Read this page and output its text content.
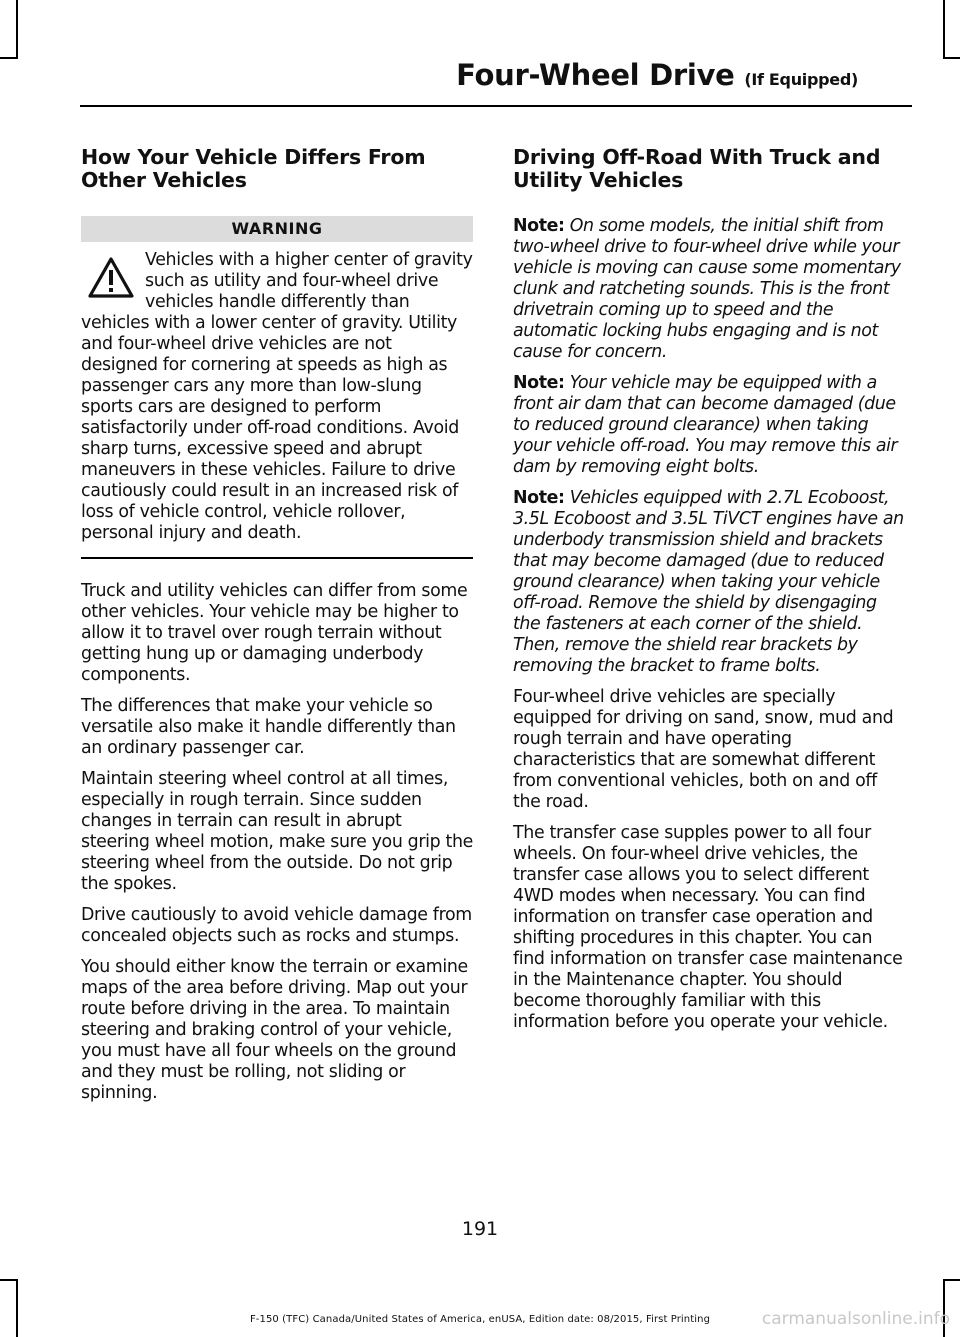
Four-Wheel Drive (If Equipped)
How Your Vehicle Differs From Other Vehicles
WARNING
Vehicles with a higher center of gravity such as utility and four-wheel drive vehicles handle differently than vehicles with a lower center of gravity. Utility and four-wheel drive vehicles are not designed for cornering at speeds as high as passenger cars any more than low-slung sports cars are designed to perform satisfactorily under off-road conditions. Avoid sharp turns, excessive speed and abrupt maneuvers in these vehicles. Failure to drive cautiously could result in an increased risk of loss of vehicle control, vehicle rollover, personal injury and death.

Truck and utility vehicles can differ from some other vehicles. Your vehicle may be higher to allow it to travel over rough terrain without getting hung up or damaging underbody components.

The differences that make your vehicle so versatile also make it handle differently than an ordinary passenger car.

Maintain steering wheel control at all times, especially in rough terrain. Since sudden changes in terrain can result in abrupt steering wheel motion, make sure you grip the steering wheel from the outside. Do not grip the spokes.

Drive cautiously to avoid vehicle damage from concealed objects such as rocks and stumps.

You should either know the terrain or examine maps of the area before driving. Map out your route before driving in the area. To maintain steering and braking control of your vehicle, you must have all four wheels on the ground and they must be rolling, not sliding or spinning.

Driving Off-Road With Truck and Utility Vehicles

Note: On some models, the initial shift from two-wheel drive to four-wheel drive while your vehicle is moving can cause some momentary clunk and ratcheting sounds. This is the front drivetrain coming up to speed and the automatic locking hubs engaging and is not cause for concern.

Note: Your vehicle may be equipped with a front air dam that can become damaged (due to reduced ground clearance) when taking your vehicle off-road. You may remove this air dam by removing eight bolts.

Note: Vehicles equipped with 2.7L Ecoboost, 3.5L Ecoboost and 3.5L TiVCT engines have an underbody transmission shield and brackets that may become damaged (due to reduced ground clearance) when taking your vehicle off-road. Remove the shield by disengaging the fasteners at each corner of the shield. Then, remove the shield rear brackets by removing the bracket to frame bolts.

Four-wheel drive vehicles are specially equipped for driving on sand, snow, mud and rough terrain and have operating characteristics that are somewhat different from conventional vehicles, both on and off the road.

The transfer case supples power to all four wheels. On four-wheel drive vehicles, the transfer case allows you to select different 4WD modes when necessary. You can find information on transfer case operation and shifting procedures in this chapter. You can find information on transfer case maintenance in the Maintenance chapter. You should become thoroughly familiar with this information before you operate your vehicle.

191
F-150 (TFC) Canada/United States of America, enUSA, Edition date: 08/2015, First Printing	carmanualsonline.info
